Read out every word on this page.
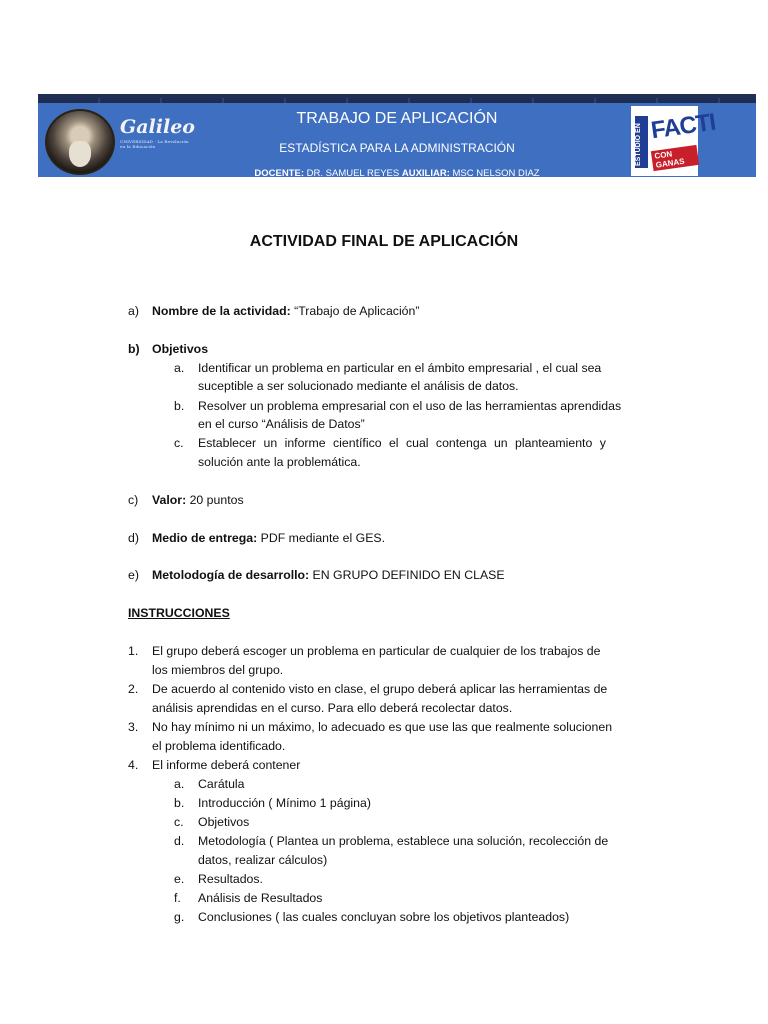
Galileo
UNIVERSIDAD · La Revolución en la Educación
TRABAJO DE APLICACIÓN
ESTADÍSTICA PARA LA ADMINISTRACIÓN
DOCENTE: DR. SAMUEL REYES AUXILIAR: MSC NELSON DIAZ
ESTUDIO EN FACTI
CON GANAS
ACTIVIDAD FINAL DE APLICACIÓN
a) Nombre de la actividad: “Trabajo de Aplicación”
b) Objetivos
a. Identificar un problema en particular en el ámbito empresarial , el cual sea
suceptible a ser solucionado mediante el análisis de datos.
b. Resolver un problema empresarial con el uso de las herramientas aprendidas
en el curso “Análisis de Datos”
c. Establecer un informe científico el cual contenga un planteamiento y
solución ante la problemática.
c) Valor: 20 puntos
d) Medio de entrega: PDF mediante el GES.
e) Metolodogía de desarrollo: EN GRUPO DEFINIDO EN CLASE
INSTRUCCIONES
1. El grupo deberá escoger un problema en particular de cualquier de los trabajos de
los miembros del grupo.
2. De acuerdo al contenido visto en clase, el grupo deberá aplicar las herramientas de
análisis aprendidas en el curso. Para ello deberá recolectar datos.
3. No hay mínimo ni un máximo, lo adecuado es que use las que realmente solucionen
el problema identificado.
4. El informe deberá contener
a. Carátula
b. Introducción ( Mínimo 1 página)
c. Objetivos
d. Metodología ( Plantea un problema, establece una solución, recolección de
datos, realizar cálculos)
e. Resultados.
f. Análisis de Resultados
g. Conclusiones ( las cuales concluyan sobre los objetivos planteados)
